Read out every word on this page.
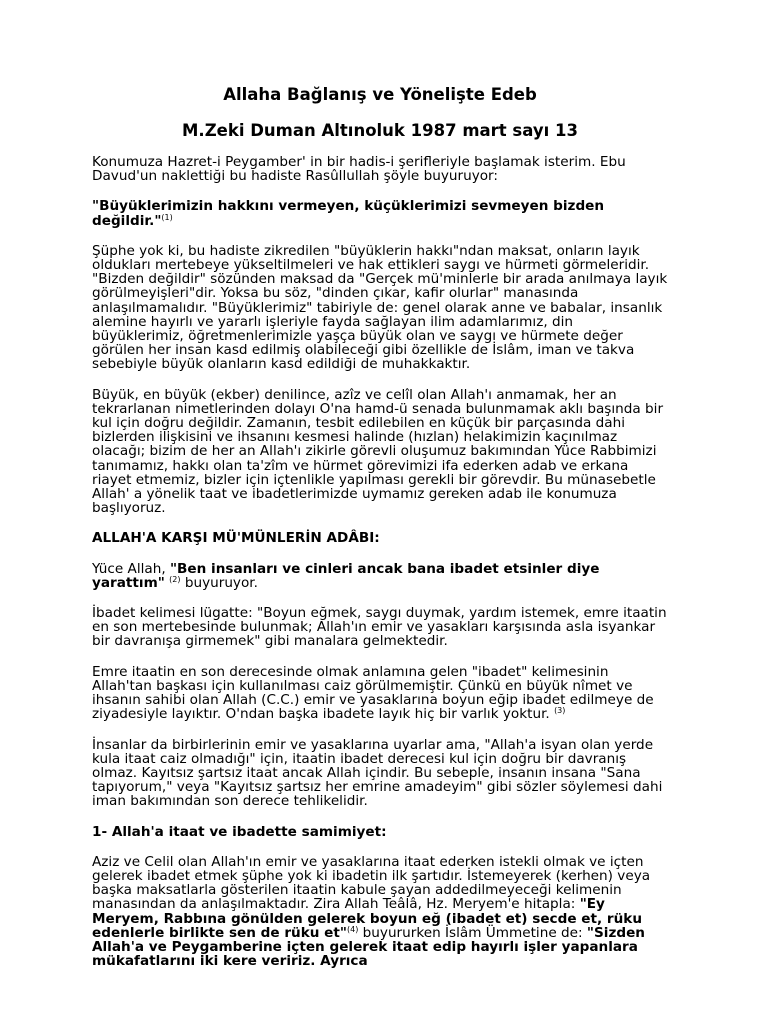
Allaha Bağlanış ve Yönelişte Edeb
M.Zeki Duman Altınoluk 1987 mart sayı 13

Konumuza Hazret-i Peygamber' in bir hadis-i şerifleriyle başlamak isterim. Ebu Davud'un naklettiği bu hadiste Rasûllullah şöyle buyuruyor:

"Büyüklerimizin hakkını vermeyen, küçüklerimizi sevmeyen bizden değildir."$^{(1)}$

Şüphe yok ki, bu hadiste zikredilen "büyüklerin hakkı"ndan maksat, onların layık oldukları mertebeye yükseltilmeleri ve hak ettikleri saygı ve hürmeti görmeleridir. "Bizden değildir" sözünden maksad da "Gerçek mü'minlerle bir arada anılmaya layık görülmeyişleri"dir. Yoksa bu söz, "dinden çıkar, kafir olurlar" manasında anlaşılmamalıdır. "Büyüklerimiz" tabiriyle de: genel olarak anne ve babalar, insanlık alemine hayırlı ve yararlı işleriyle fayda sağlayan ilim adamlarımız, din büyüklerimiz, öğretmenlerimizle yaşça büyük olan ve saygı ve hürmete değer görülen her insan kasd edilmiş olabileceği gibi özellikle de İslâm, iman ve takva sebebiyle büyük olanların kasd edildiği de muhakkaktır.

Büyük, en büyük (ekber) denilince, azîz ve celîl olan Allah'ı anmamak, her an tekrarlanan nimetlerinden dolayı O'na hamd-ü senada bulunmamak aklı başında bir kul için doğru değildir. Zamanın, tesbit edilebilen en küçük bir parçasında dahi bizlerden ilişkisini ve ihsanını kesmesi halinde (hızlan) helakimizin kaçınılmaz olacağı; bizim de her an Allah'ı zikirle görevli oluşumuz bakımından Yüce Rabbimizi tanımamız, hakkı olan ta'zîm ve hürmet görevimizi ifa ederken adab ve erkana riayet etmemiz, bizler için içtenlikle yapılması gerekli bir görevdir. Bu münasebetle Allah' a yönelik taat ve ibadetlerimizde uymamız gereken adab ile konumuza başlıyoruz.

ALLAH'A KARŞI MÜ'MÜNLERİN ADÂBI:

Yüce Allah, "Ben insanları ve cinleri ancak bana ibadet etsinler diye yarattım" $^{(2)}$ buyuruyor.

İbadet kelimesi lügatte: "Boyun eğmek, saygı duymak, yardım istemek, emre itaatin en son mertebesinde bulunmak; Allah'ın emir ve yasakları karşısında asla isyankar bir davranışa girmemek" gibi manalara gelmektedir.

Emre itaatin en son derecesinde olmak anlamına gelen "ibadet" kelimesinin Allah'tan başkası için kullanılması caiz görülmemiştir. Çünkü en büyük nîmet ve ihsanın sahibi olan Allah (C.C.) emir ve yasaklarına boyun eğip ibadet edilmeye de ziyadesiyle layıktır. O'ndan başka ibadete layık hiç bir varlık yoktur. $^{(3)}$

İnsanlar da birbirlerinin emir ve yasaklarına uyarlar ama, "Allah'a isyan olan yerde kula itaat caiz olmadığı" için, itaatin ibadet derecesi kul için doğru bir davranış olmaz. Kayıtsız şartsız itaat ancak Allah içindir. Bu sebeple, insanın insana "Sana tapıyorum," veya "Kayıtsız şartsız her emrine amadeyim" gibi sözler söylemesi dahi iman bakımından son derece tehlikelidir.

1- Allah'a itaat ve ibadette samimiyet:

Aziz ve Celil olan Allah'ın emir ve yasaklarına itaat ederken istekli olmak ve içten gelerek ibadet etmek şüphe yok ki ibadetin ilk şartıdır. İstemeyerek (kerhen) veya başka maksatlarla gösterilen itaatin kabule şayan addedilmeyeceği kelimenin manasından da anlaşılmaktadır. Zira Allah Teâlâ, Hz. Meryem'e hitapla: "Ey Meryem, Rabbına gönülden gelerek boyun eğ (ibadet et) secde et, rüku edenlerle birlikte sen de rüku et"$^{(4)}$ buyururken İslâm Ümmetine de: "Sizden Allah'a ve Peygamberine içten gelerek itaat edip hayırlı işler yapanlara mükafatlarını iki kere veririz. Ayrıca
